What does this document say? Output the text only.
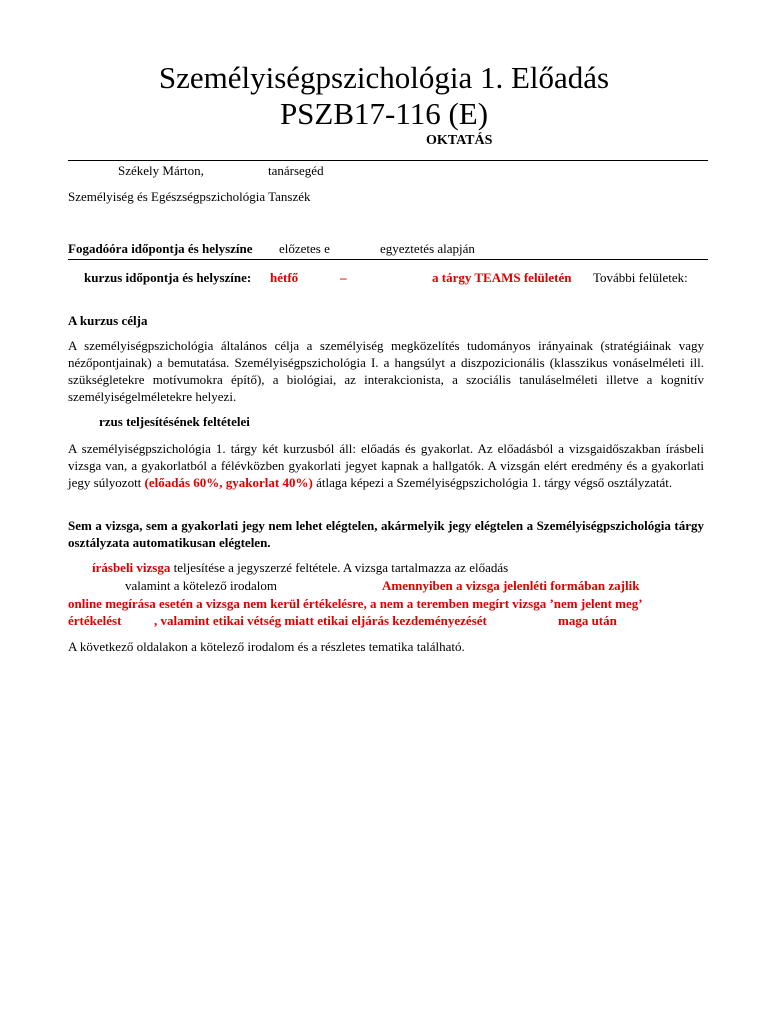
Személyiségpszichológia 1. Előadás
PSZB17-116 (E)
OKTATÁS
Székely Márton,	tanársegéd
Személyiség és Egészségpszichológia Tanszék
Fogadóóra időpontja és helyszíne előzetes e	egyeztetés alapján
kurzus időpontja és helyszíne: hétfő	–	a tárgy TEAMS felületén További felületek:
A kurzus célja
A személyiségpszichológia általános célja a személyiség megközelítés tudományos irányainak (stratégiáinak vagy nézőpontjainak) a bemutatása. Személyiségpszichológia I. a hangsúlyt a diszpozicionális (klasszikus vonáselméleti ill. szükségletekre motívumokra építő), a biológiai, az interakcionista, a szociális tanuláselméleti illetve a kognitív személyiségelméletekre helyezi.
rzus teljesítésének feltételei
A személyiségpszichológia 1. tárgy két kurzusból áll: előadás és gyakorlat. Az előadásból a vizsgaidőszakban írásbeli vizsga van, a gyakorlatból a félévközben gyakorlati jegyet kapnak a hallgatók. A vizsgán elért eredmény és a gyakorlati jegy súlyozott (előadás 60%, gyakorlat 40%) átlaga képezi a Személyiségpszichológia 1. tárgy végső osztályzatát.
Sem a vizsga, sem a gyakorlati jegy nem lehet elégtelen, akármelyik jegy elégtelen a Személyiségpszichológia tárgy osztályzata automatikusan elégtelen.
írásbeli vizsga teljesítése a jegyszerzé feltétele. A vizsga tartalmazza az előadás
valamint a kötelező irodalom	Amennyiben a vizsga jelenléti formában zajlik
online megírása esetén a vizsga nem kerül értékelésre, a nem a teremben megírt vizsga ’nem jelent meg’
értékelést	, valamint etikai vétség miatt etikai eljárás kezdeményezését	maga után
A következő oldalakon a kötelező irodalom és a részletes tematika található.
